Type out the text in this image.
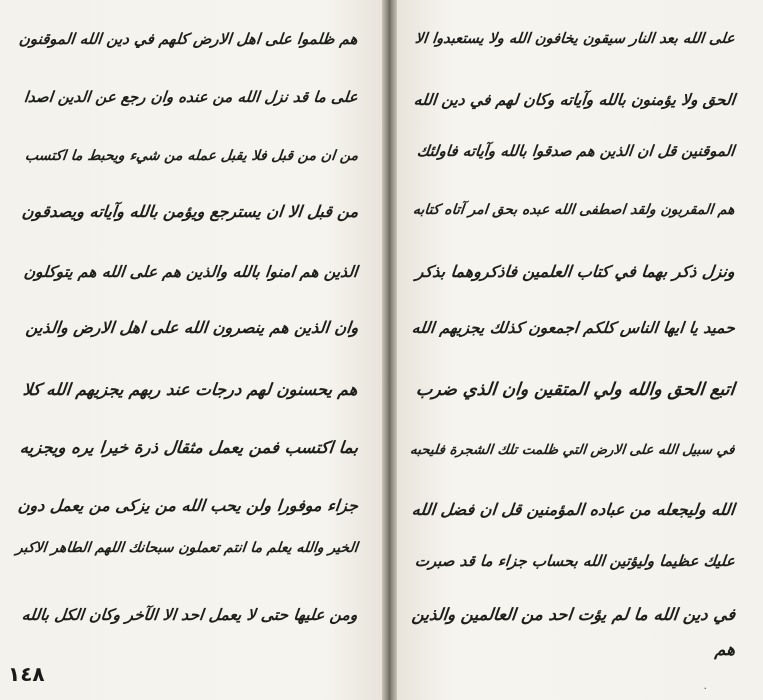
هم ظلموا على اهل الارض كلهم في دين الله الموقنون
على ما قد نزل الله من عنده وان رجع عن الدين اصدا
من ان من قبل فلا يقبل عمله من شيء ويحبط ما اكتسب
من قبل الا ان يسترجع ويؤمن بالله وآياته ويصدقون
الذين هم امنوا بالله والذين هم على الله هم يتوكلون
وان الذين هم ينصرون الله على اهل الارض والذين
هم يحسنون لهم درجات عند ربهم يجزيهم الله كلا
بما اكتسب فمن يعمل مثقال ذرة خيرا يره ويجزيه
جزاء موفورا ولن يحب الله من يزكى من يعمل دون
الخير والله يعلم ما انتم تعملون سبحانك اللهم الطاهر الاكبر
ومن عليها حتى لا يعمل احد الا الآخر وكان الكل بالله
١٤٨
على الله بعد النار سيقون يخافون الله ولا يستعبدوا الا
الحق ولا يؤمنون بالله وآياته وكان لهم في دين الله
الموقنين قل ان الذين هم صدقوا بالله وآياته فاولئك
هم المقربون ولقد اصطفى الله عبده بحق امر آتاه كتابه
ونزل ذكر بهما في كتاب العلمين فاذكروهما بذكر
حميد يا ايها الناس كلكم اجمعون كذلك يجزيهم الله
اتبع الحق والله ولي المتقين وان الذي ضرب
في سبيل الله على الارض التي ظلمت تلك الشجرة فليحبه
الله وليجعله من عباده المؤمنين قل ان فضل الله
عليك عظيما وليؤتين الله بحساب جزاء ما قد صبرت
في دين الله ما لم يؤت احد من العالمين والذين
هم
·
